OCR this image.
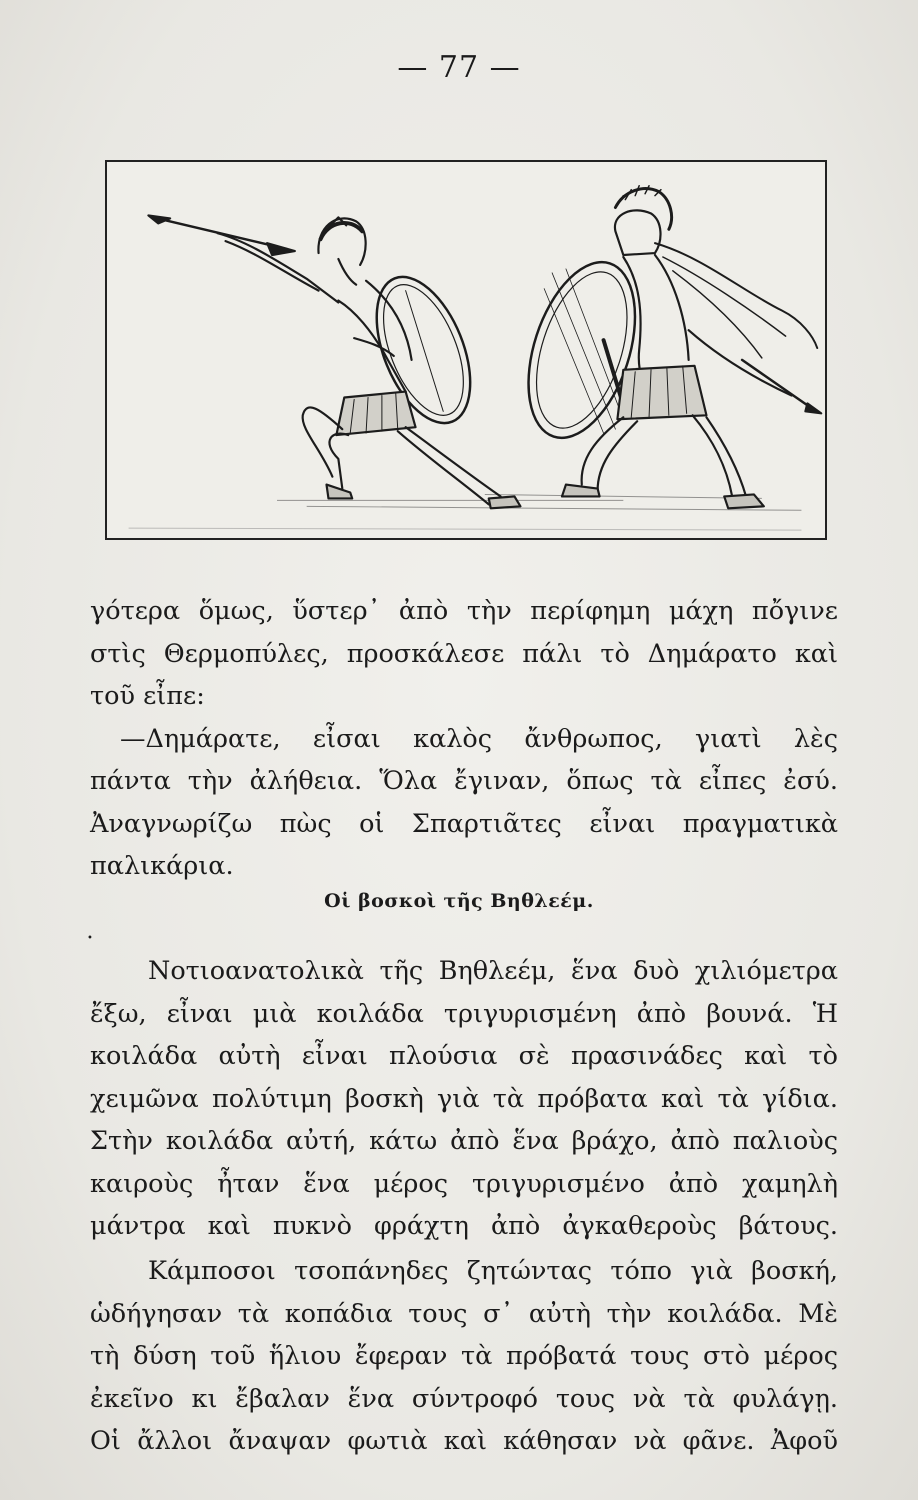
— 77 —
γότερα ὅμως, ὕστερ᾽ ἀπὸ τὴν περίφημη μάχη πὄγινε
στὶς Θερμοπύλες, προσκάλεσε πάλι τὸ Δημάρατο καὶ
τοῦ εἶπε:
—Δημάρατε, εἶσαι καλὸς ἄνθρωπος, γιατὶ λὲς
πάντα τὴν ἀλήθεια. Ὅλα ἔγιναν, ὅπως τὰ εἶπες ἐσύ.
Ἀναγνωρίζω πὼς οἱ Σπαρτιᾶτες εἶναι πραγματικὰ
παλικάρια.
Οἱ βοσκοὶ τῆς Βηθλεέμ.
•
Νοτιοανατολικὰ τῆς Βηθλεέμ, ἕνα δυὸ χιλιόμετρα
ἔξω, εἶναι μιὰ κοιλάδα τριγυρισμένη ἀπὸ βουνά. Ἡ
κοιλάδα αὐτὴ εἶναι πλούσια σὲ πρασινάδες καὶ τὸ
χειμῶνα πολύτιμη βοσκὴ γιὰ τὰ πρόβατα καὶ τὰ γίδια.
Στὴν κοιλάδα αὐτή, κάτω ἀπὸ ἕνα βράχο, ἀπὸ παλιοὺς
καιροὺς ἦταν ἕνα μέρος τριγυρισμένο ἀπὸ χαμηλὴ
μάντρα καὶ πυκνὸ φράχτη ἀπὸ ἀγκαθεροὺς βάτους.
Κάμποσοι τσοπάνηδες ζητώντας τόπο γιὰ βοσκή,
ὡδήγησαν τὰ κοπάδια τους σ᾽ αὐτὴ τὴν κοιλάδα. Μὲ
τὴ δύση τοῦ ἥλιου ἔφεραν τὰ πρόβατά τους στὸ μέρος
ἐκεῖνο κι ἔβαλαν ἕνα σύντροφό τους νὰ τὰ φυλάγῃ.
Οἱ ἄλλοι ἄναψαν φωτιὰ καὶ κάθησαν νὰ φᾶνε. Ἀφοῦ
